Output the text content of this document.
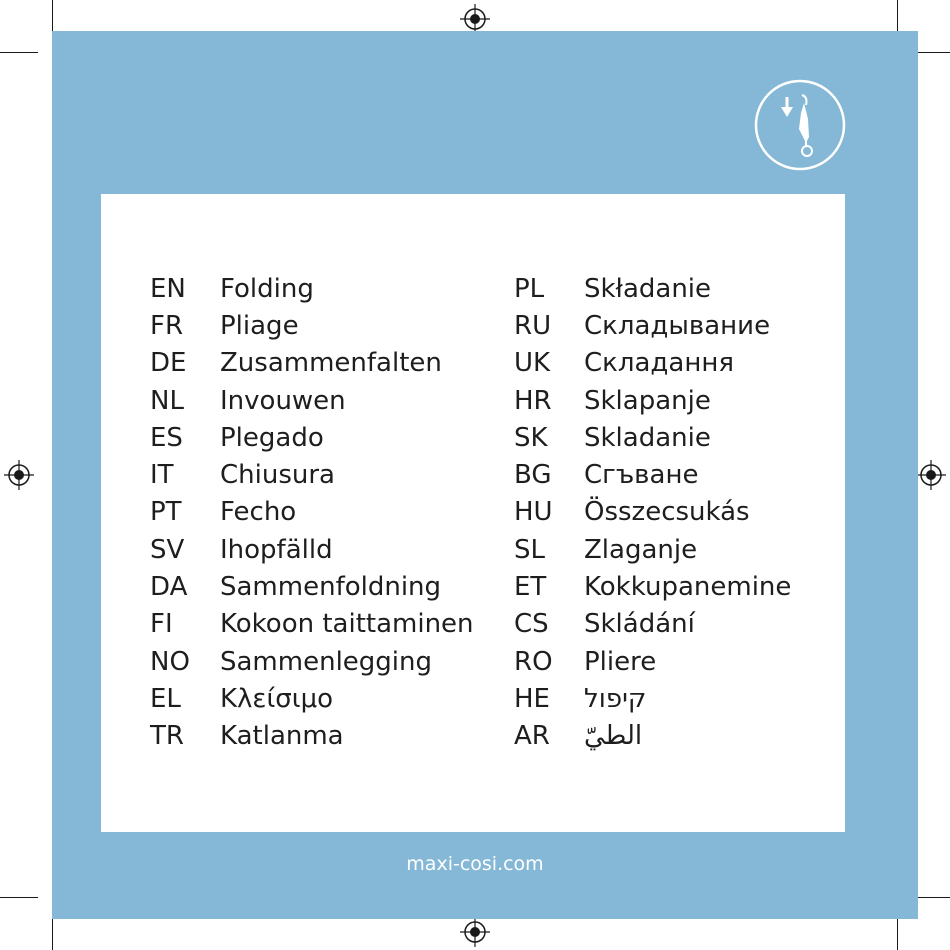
EN	Folding
FR	Pliage
DE	Zusammenfalten
NL	Invouwen
ES	Plegado
IT	Chiusura
PT	Fecho
SV	Ihopfälld
DA	Sammenfoldning
FI	Kokoon taittaminen
NO	Sammenlegging
EL	Κλείσιμο
TR	Katlanma
PL	Składanie
RU	Складывание
UK	Складання
HR	Sklapanje
SK	Skladanie
BG	Сгъване
HU	Összecsukás
SL	Zlaganje
ET	Kokkupanemine
CS	Skládání
RO	Pliere
HE	קיפול
AR	الطيّ
maxi-cosi.com
